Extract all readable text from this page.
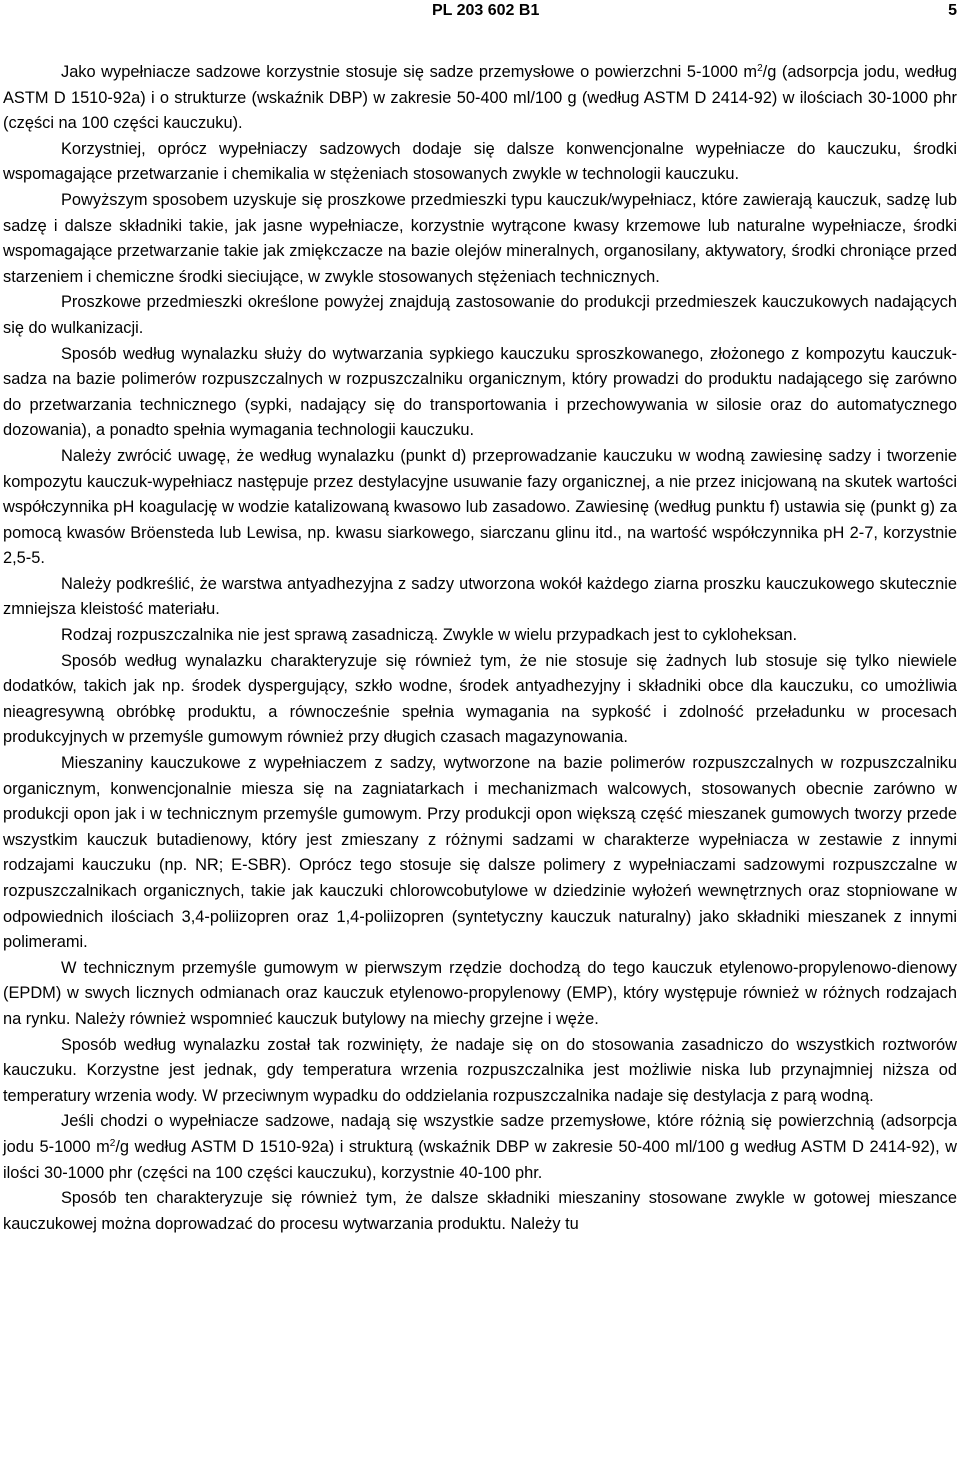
PL 203 602 B1	5

Jako wypełniacze sadzowe korzystnie stosuje się sadze przemysłowe o powierzchni 5-1000 $m^2/g$ (adsorpcja jodu, według ASTM D 1510-92a) i o strukturze (wskaźnik DBP) w zakresie 50-400 ml/100 g (według ASTM D 2414-92) w ilościach 30-1000 phr (części na 100 części kauczuku).

Korzystniej, oprócz wypełniaczy sadzowych dodaje się dalsze konwencjonalne wypełniacze do kauczuku, środki wspomagające przetwarzanie i chemikalia w stężeniach stosowanych zwykle w technologii kauczuku.

Powyższym sposobem uzyskuje się proszkowe przedmieszki typu kauczuk/wypełniacz, które zawierają kauczuk, sadzę lub sadzę i dalsze składniki takie, jak jasne wypełniacze, korzystnie wytrącone kwasy krzemowe lub naturalne wypełniacze, środki wspomagające przetwarzanie takie jak zmiękczacze na bazie olejów mineralnych, organosilany, aktywatory, środki chroniące przed starzeniem i chemiczne środki sieciujące, w zwykle stosowanych stężeniach technicznych.

Proszkowe przedmieszki określone powyżej znajdują zastosowanie do produkcji przedmieszek kauczukowych nadających się do wulkanizacji.

Sposób według wynalazku służy do wytwarzania sypkiego kauczuku sproszkowanego, złożonego z kompozytu kauczuk-sadza na bazie polimerów rozpuszczalnych w rozpuszczalniku organicznym, który prowadzi do produktu nadającego się zarówno do przetwarzania technicznego (sypki, nadający się do transportowania i przechowywania w silosie oraz do automatycznego dozowania), a ponadto spełnia wymagania technologii kauczuku.

Należy zwrócić uwagę, że według wynalazku (punkt d) przeprowadzanie kauczuku w wodną zawiesinę sadzy i tworzenie kompozytu kauczuk-wypełniacz następuje przez destylacyjne usuwanie fazy organicznej, a nie przez inicjowaną na skutek wartości współczynnika pH koagulację w wodzie katalizowaną kwasowo lub zasadowo. Zawiesinę (według punktu f) ustawia się (punkt g) za pomocą kwasów Bröensteda lub Lewisa, np. kwasu siarkowego, siarczanu glinu itd., na wartość współczynnika pH 2-7, korzystnie 2,5-5.

Należy podkreślić, że warstwa antyadhezyjna z sadzy utworzona wokół każdego ziarna proszku kauczukowego skutecznie zmniejsza kleistość materiału.

Rodzaj rozpuszczalnika nie jest sprawą zasadniczą. Zwykle w wielu przypadkach jest to cykloheksan.

Sposób według wynalazku charakteryzuje się również tym, że nie stosuje się żadnych lub stosuje się tylko niewiele dodatków, takich jak np. środek dyspergujący, szkło wodne, środek antyadhezyjny i składniki obce dla kauczuku, co umożliwia nieagresywną obróbkę produktu, a równocześnie spełnia wymagania na sypkość i zdolność przeładunku w procesach produkcyjnych w przemyśle gumowym również przy długich czasach magazynowania.

Mieszaniny kauczukowe z wypełniaczem z sadzy, wytworzone na bazie polimerów rozpuszczalnych w rozpuszczalniku organicznym, konwencjonalnie miesza się na zagniatarkach i mechanizmach walcowych, stosowanych obecnie zarówno w produkcji opon jak i w technicznym przemyśle gumowym. Przy produkcji opon większą część mieszanek gumowych tworzy przede wszystkim kauczuk butadienowy, który jest zmieszany z różnymi sadzami w charakterze wypełniacza w zestawie z innymi rodzajami kauczuku (np. NR; E-SBR). Oprócz tego stosuje się dalsze polimery z wypełniaczami sadzowymi rozpuszczalne w rozpuszczalnikach organicznych, takie jak kauczuki chlorowcobutylowe w dziedzinie wyłożeń wewnętrznych oraz stopniowane w odpowiednich ilościach 3,4-poliizopren oraz 1,4-poliizopren (syntetyczny kauczuk naturalny) jako składniki mieszanek z innymi polimerami.

W technicznym przemyśle gumowym w pierwszym rzędzie dochodzą do tego kauczuk etylenowo-propylenowo-dienowy (EPDM) w swych licznych odmianach oraz kauczuk etylenowo-propylenowy (EMP), który występuje również w różnych rodzajach na rynku. Należy również wspomnieć kauczuk butylowy na miechy grzejne i węże.

Sposób według wynalazku został tak rozwinięty, że nadaje się on do stosowania zasadniczo do wszystkich roztworów kauczuku. Korzystne jest jednak, gdy temperatura wrzenia rozpuszczalnika jest możliwie niska lub przynajmniej niższa od temperatury wrzenia wody. W przeciwnym wypadku do oddzielania rozpuszczalnika nadaje się destylacja z parą wodną.

Jeśli chodzi o wypełniacze sadzowe, nadają się wszystkie sadze przemysłowe, które różnią się powierzchnią (adsorpcja jodu 5-1000 $m^2/g$ według ASTM D 1510-92a) i strukturą (wskaźnik DBP w zakresie 50-400 ml/100 g według ASTM D 2414-92), w ilości 30-1000 phr (części na 100 części kauczuku), korzystnie 40-100 phr.

Sposób ten charakteryzuje się również tym, że dalsze składniki mieszaniny stosowane zwykle w gotowej mieszance kauczukowej można doprowadzać do procesu wytwarzania produktu. Należy tu
